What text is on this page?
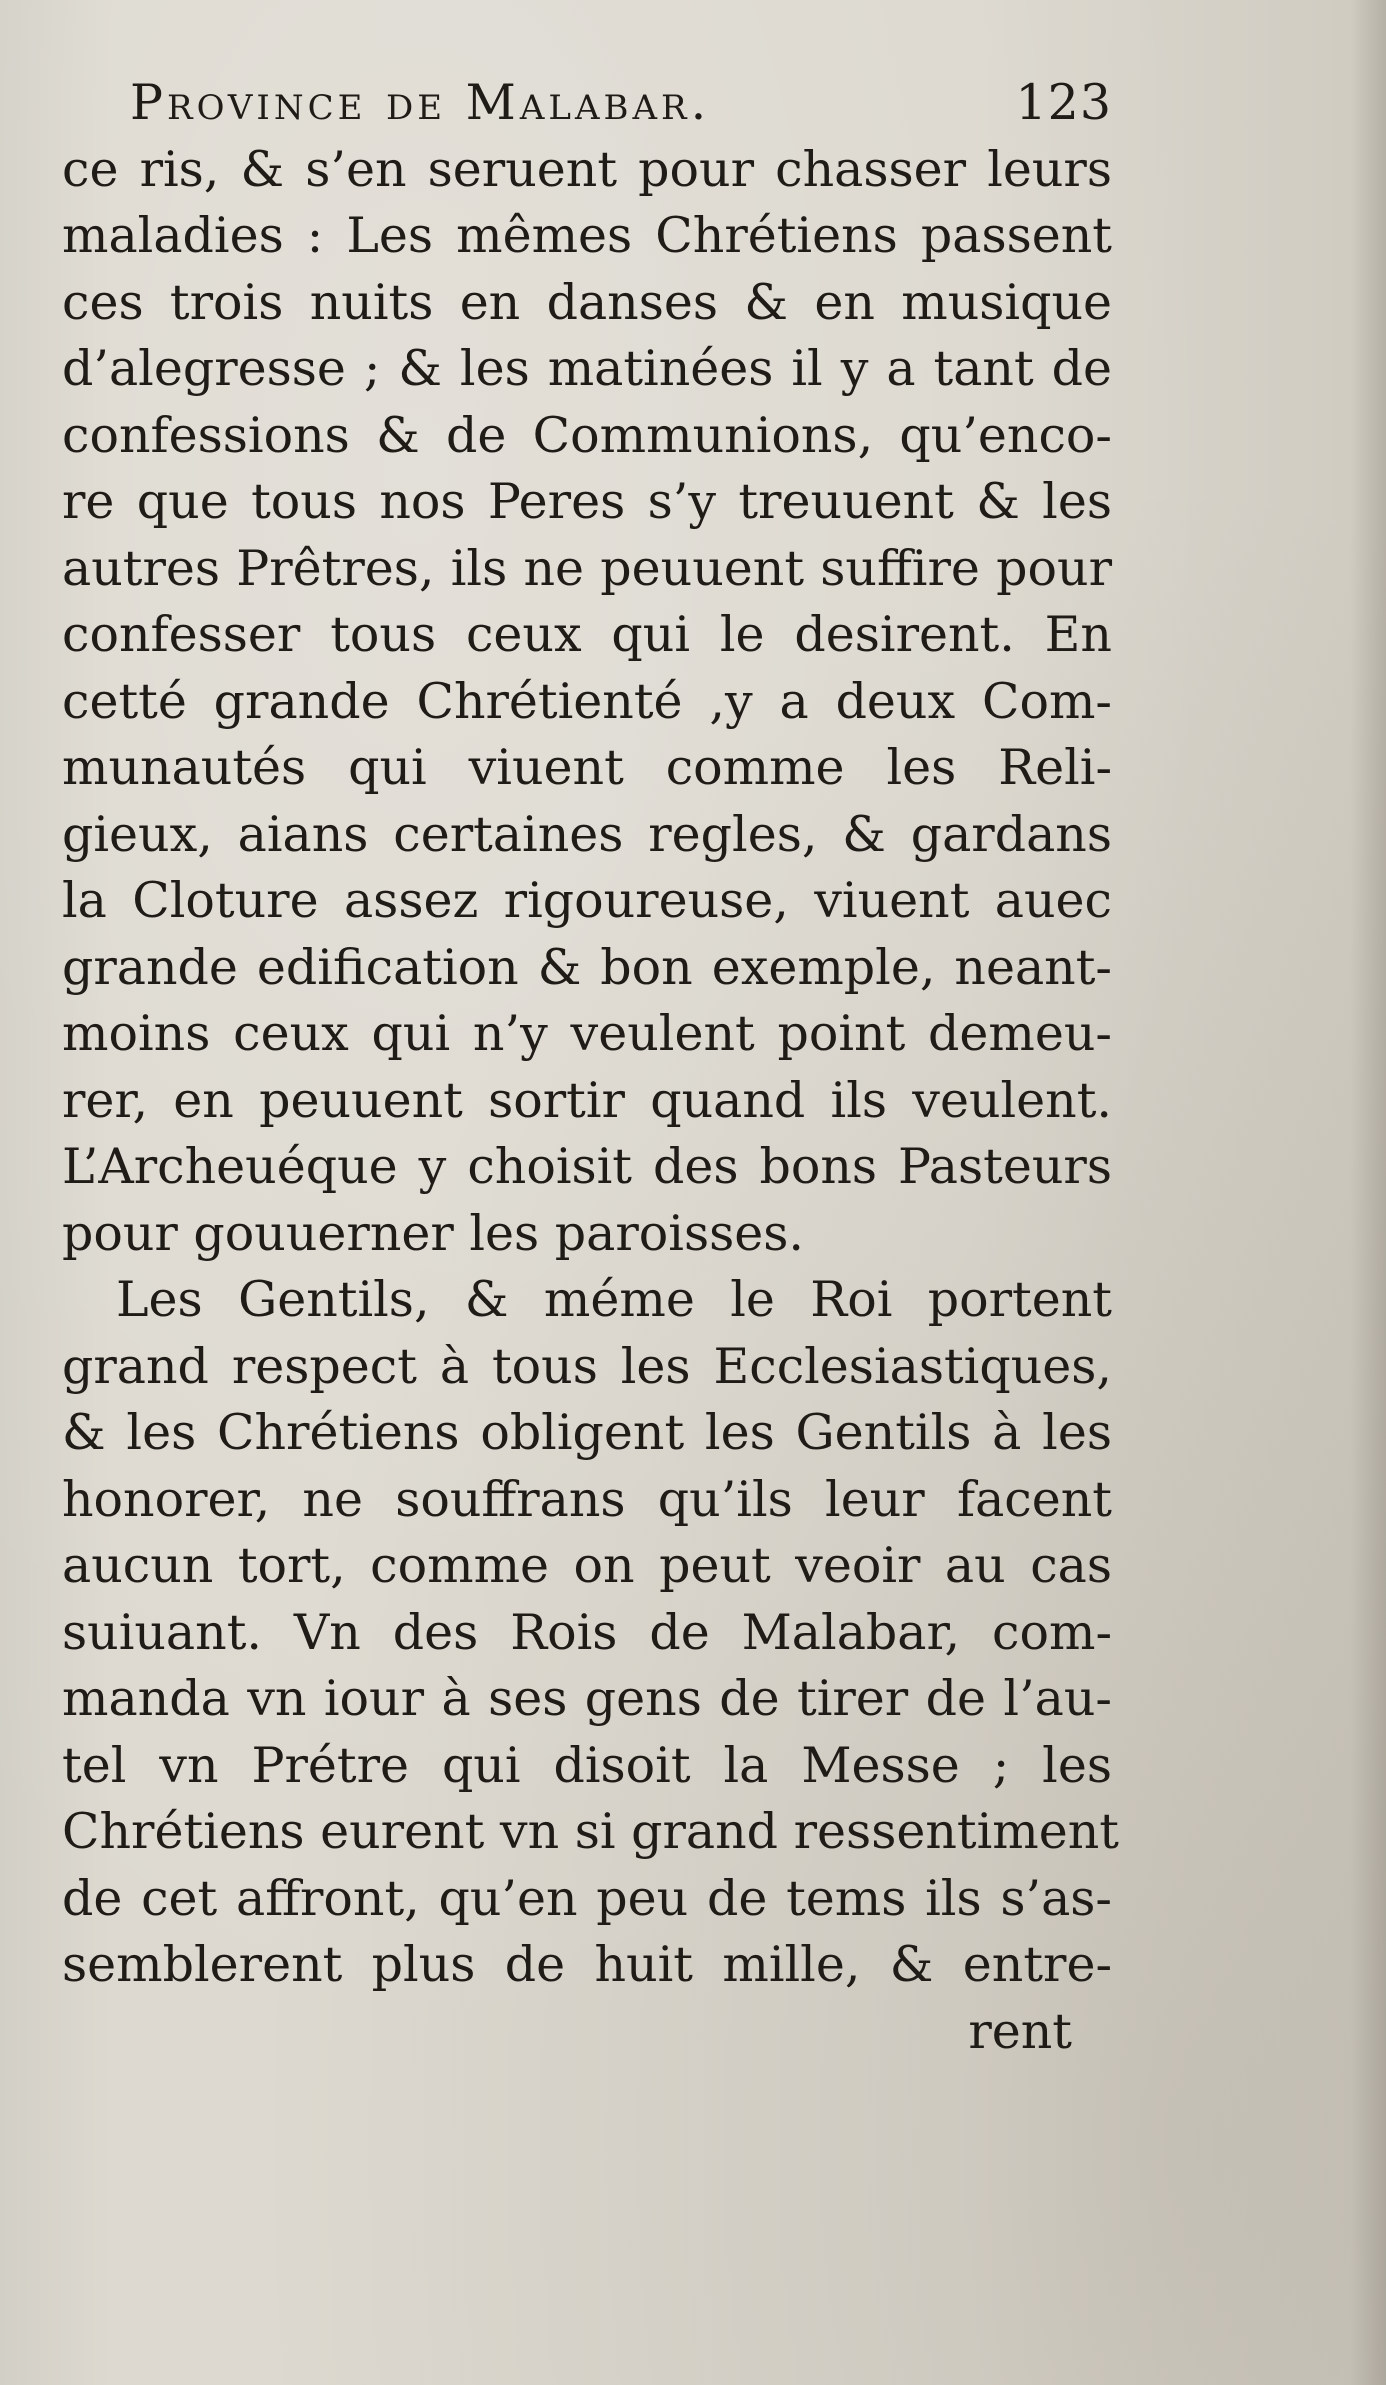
Province de Malabar.	123
ce ris, & s’en seruent pour chasser leurs
maladies : Les mêmes Chrétiens passent
ces trois nuits en danses & en musique
d’alegresse ; & les matinées il y a tant de
confessions & de Communions, qu’enco-
re que tous nos Peres s’y treuuent & les
autres Prêtres, ils ne peuuent suffire pour
confesser tous ceux qui le desirent. En
cetté grande Chrétienté ,y a deux Com-
munautés qui viuent comme les Reli-
gieux, aians certaines regles, & gardans
la Cloture assez rigoureuse, viuent auec
grande edification & bon exemple, neant-
moins ceux qui n’y veulent point demeu-
rer, en peuuent sortir quand ils veulent.
L’Archeuéque y choisit des bons Pasteurs
pour gouuerner les paroisses.
Les Gentils, & méme le Roi portent
grand respect à tous les Ecclesiastiques,
& les Chrétiens obligent les Gentils à les
honorer, ne souffrans qu’ils leur facent
aucun tort, comme on peut veoir au cas
suiuant. Vn des Rois de Malabar, com-
manda vn iour à ses gens de tirer de l’au-
tel vn Prétre qui disoit la Messe ; les
Chrétiens eurent vn si grand ressentiment
de cet affront, qu’en peu de tems ils s’as-
semblerent plus de huit mille, & entre-
rent
